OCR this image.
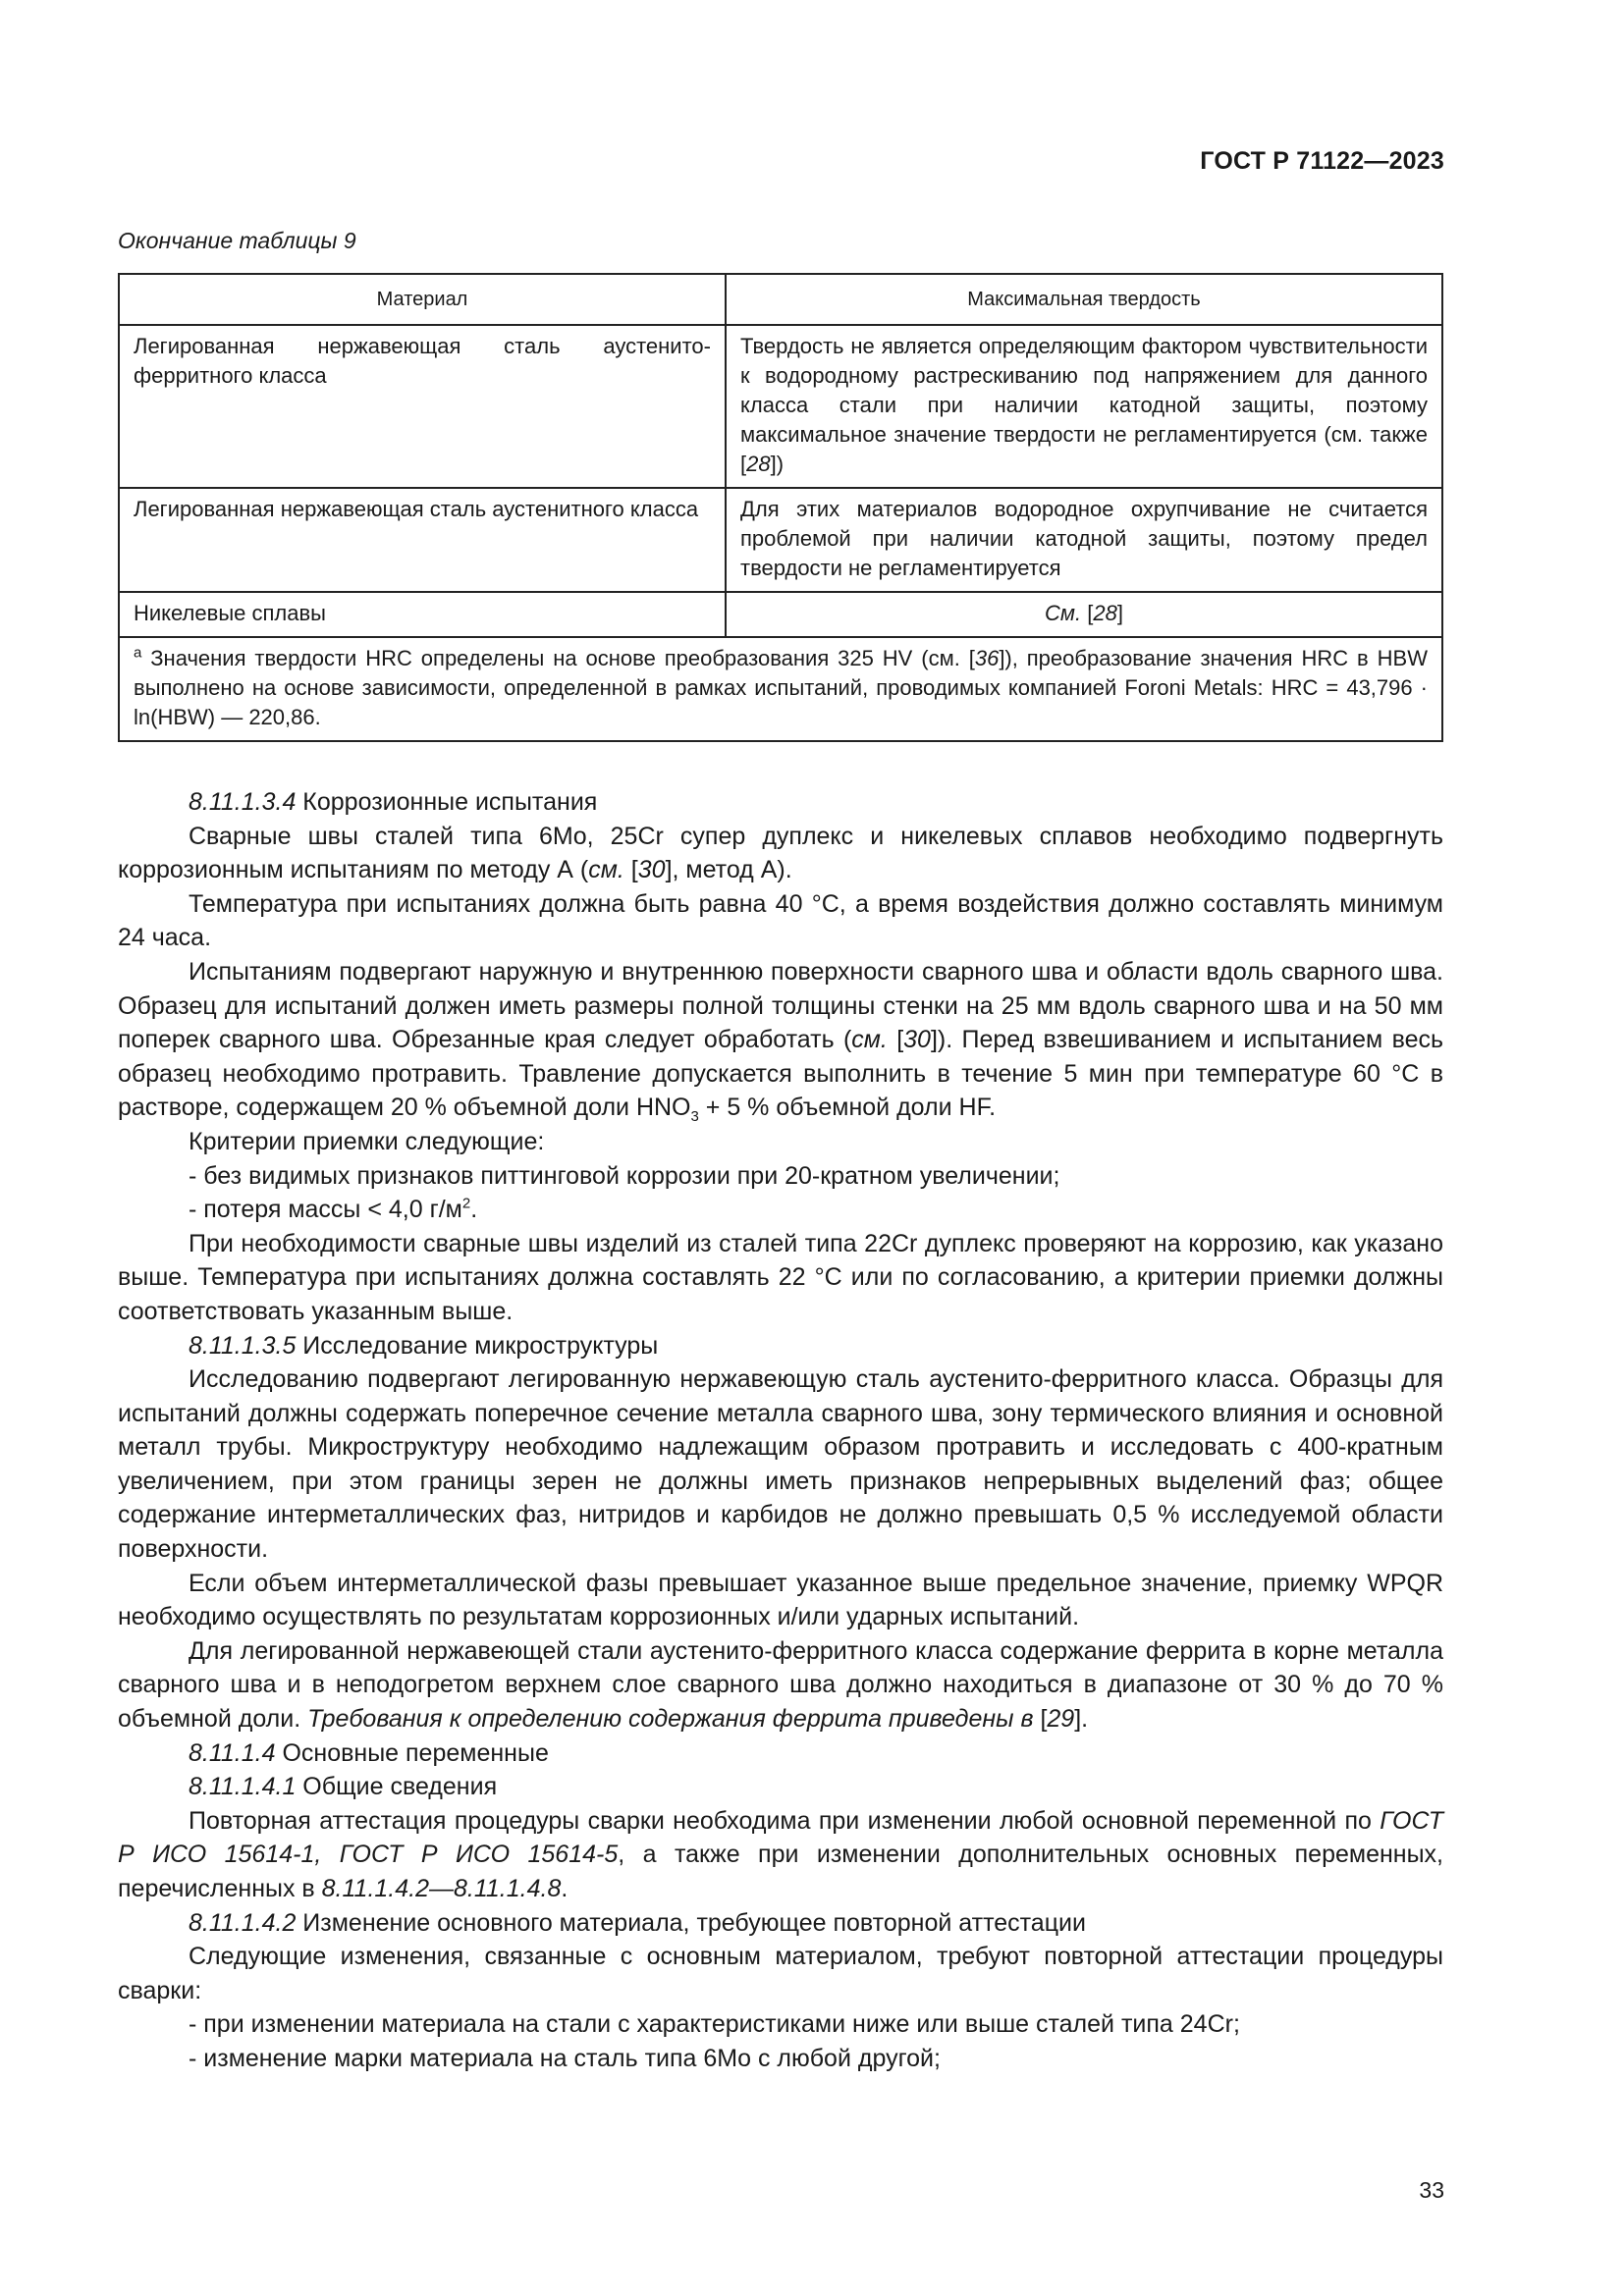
ГОСТ Р 71122—2023
Окончание таблицы 9
Материал	Максимальная твердость
Легированная нержавеющая сталь аустенито-ферритного класса	Твердость не является определяющим фактором чувствительности к водородному растрескиванию под напряжением для данного класса стали при наличии катодной защиты, поэтому максимальное значение твердости не регламентируется (см. также [28])
Легированная нержавеющая сталь аустенитного класса	Для этих материалов водородное охрупчивание не считается проблемой при наличии катодной защиты, поэтому предел твердости не регламентируется
Никелевые сплавы	См. [28]
$^a$ Значения твердости HRC определены на основе преобразования 325 HV (см. [36]), преобразование значения HRC в HBW выполнено на основе зависимости, определенной в рамках испытаний, проводимых компанией Foroni Metals: HRC = 43,796 · ln(HBW) — 220,86.	

8.11.1.3.4 Коррозионные испытания

Сварные швы сталей типа 6Mo, 25Cr супер дуплекс и никелевых сплавов необходимо подвергнуть коррозионным испытаниям по методу А (см. [30], метод А).

Температура при испытаниях должна быть равна 40 °С, а время воздействия должно составлять минимум 24 часа.

Испытаниям подвергают наружную и внутреннюю поверхности сварного шва и области вдоль сварного шва. Образец для испытаний должен иметь размеры полной толщины стенки на 25 мм вдоль сварного шва и на 50 мм поперек сварного шва. Обрезанные края следует обработать (см. [30]). Перед взвешиванием и испытанием весь образец необходимо протравить. Травление допускается выполнить в течение 5 мин при температуре 60 °С в растворе, содержащем 20 % объемной доли $HNO_3 + 5$ % объемной доли HF.

Критерии приемки следующие:

- без видимых признаков питтинговой коррозии при 20-кратном увеличении;

- потеря массы < 4,0 $г/м^2$.

При необходимости сварные швы изделий из сталей типа 22Cr дуплекс проверяют на коррозию, как указано выше. Температура при испытаниях должна составлять 22 °С или по согласованию, а критерии приемки должны соответствовать указанным выше.

8.11.1.3.5 Исследование микроструктуры

Исследованию подвергают легированную нержавеющую сталь аустенито-ферритного класса. Образцы для испытаний должны содержать поперечное сечение металла сварного шва, зону термического влияния и основной металл трубы. Микроструктуру необходимо надлежащим образом протравить и исследовать с 400-кратным увеличением, при этом границы зерен не должны иметь признаков непрерывных выделений фаз; общее содержание интерметаллических фаз, нитридов и карбидов не должно превышать 0,5 % исследуемой области поверхности.

Если объем интерметаллической фазы превышает указанное выше предельное значение, приемку WPQR необходимо осуществлять по результатам коррозионных и/или ударных испытаний.

Для легированной нержавеющей стали аустенито-ферритного класса содержание феррита в корне металла сварного шва и в неподогретом верхнем слое сварного шва должно находиться в диапазоне от 30 % до 70 % объемной доли. Требования к определению содержания феррита приведены в [29].

8.11.1.4 Основные переменные

8.11.1.4.1 Общие сведения

Повторная аттестация процедуры сварки необходима при изменении любой основной переменной по ГОСТ Р ИСО 15614-1, ГОСТ Р ИСО 15614-5, а также при изменении дополнительных основных переменных, перечисленных в 8.11.1.4.2—8.11.1.4.8.

8.11.1.4.2 Изменение основного материала, требующее повторной аттестации

Следующие изменения, связанные с основным материалом, требуют повторной аттестации процедуры сварки:

- при изменении материала на стали с характеристиками ниже или выше сталей типа 24Cr;

- изменение марки материала на сталь типа 6Mo с любой другой;

33
